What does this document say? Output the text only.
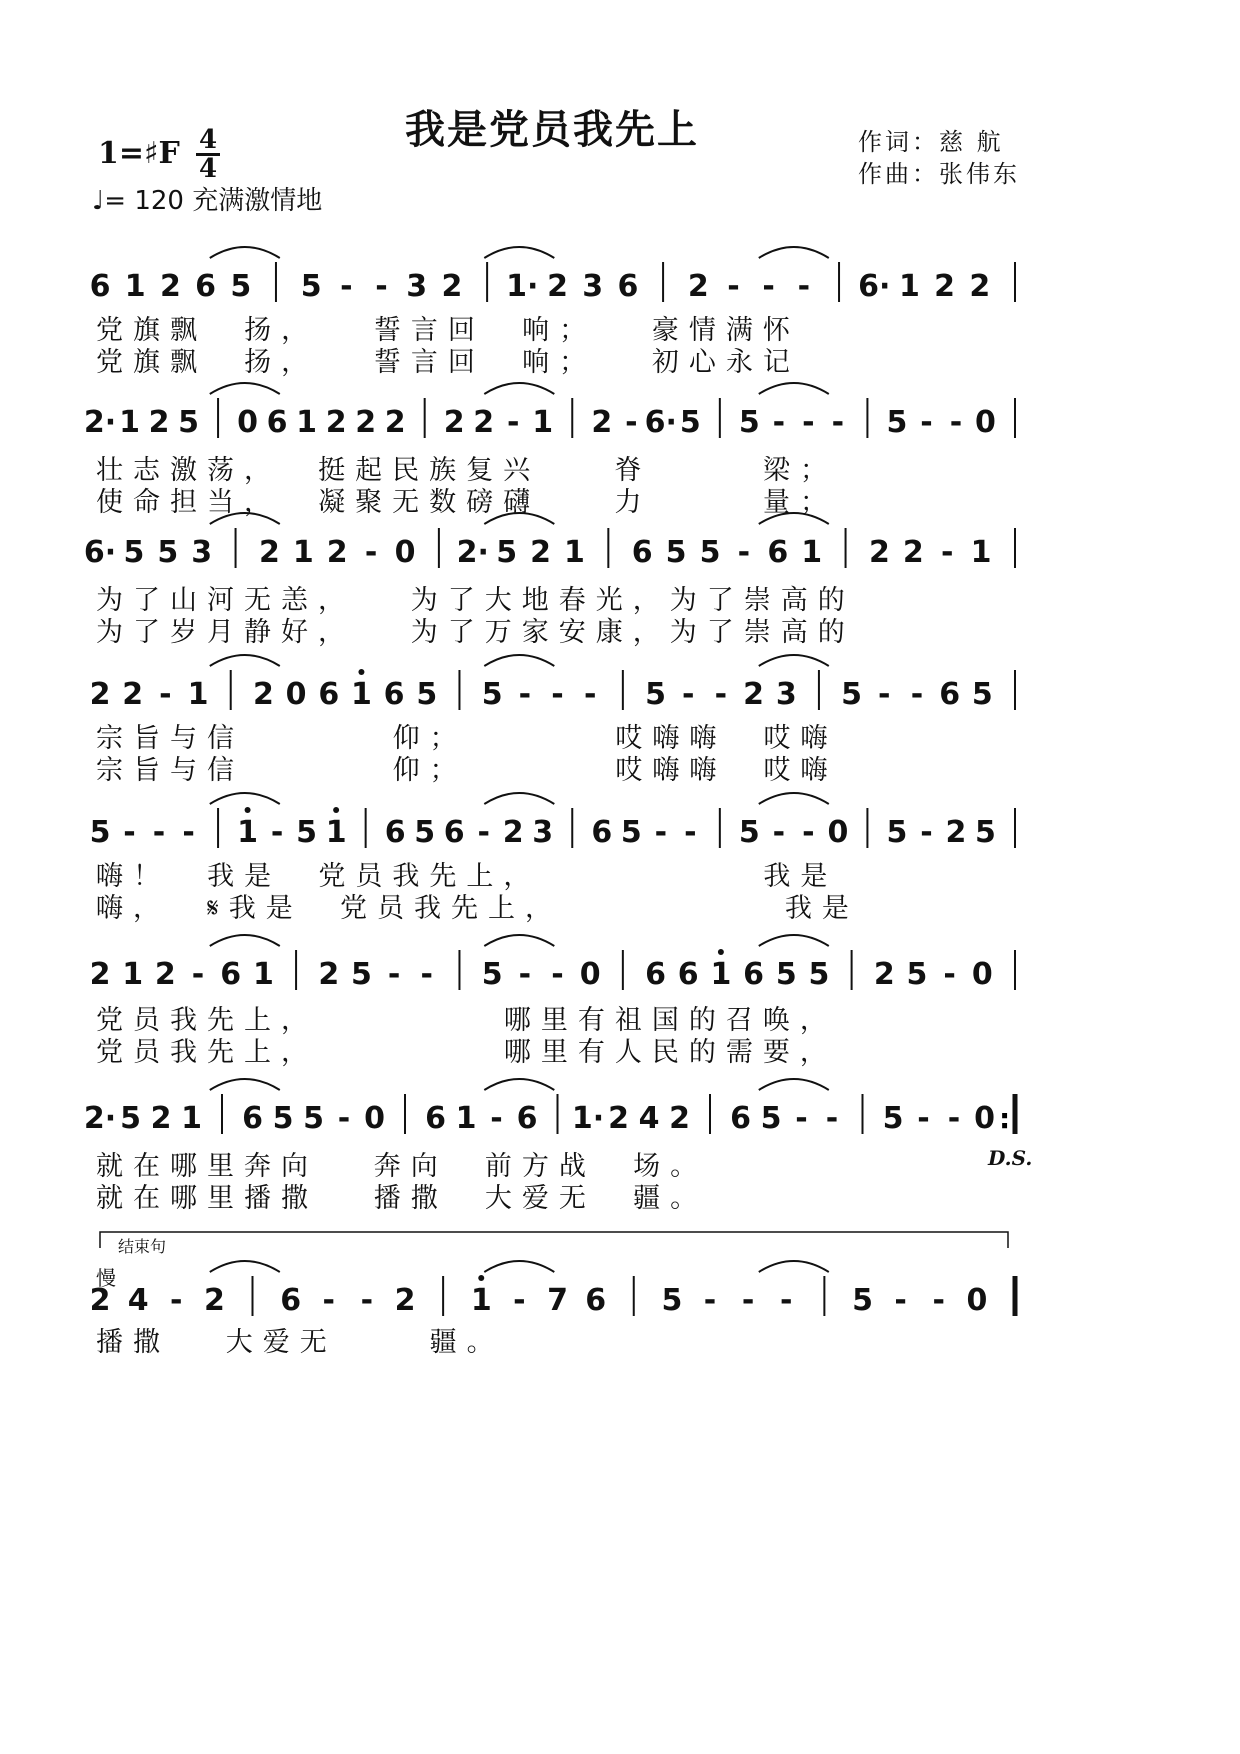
我是党员我先上	作词：慈 航
作曲：张伟东
1=♯F 4
4
♩= 120 充满激情地
6 1 2 6 5 5 - - 3 2 1· 2 3 6 2 - - - 6· 1 2 2
2· 1 2 5 0 6 1 2 2 2 2 2 - 1 2 - 6· 5 5 - - - 5 - - 0
6· 5 5 3 2 1 2 - 0 2· 5 2 1 6 5 5 - 6 1 2 2 - 1
2 2 - 1 2 0 6 1 6 5 5 - - - 5 - - 2 3 5 - - 6 5
5 - - - 1 - 5 1 6 5 6 - 2 3 6 5 - - 5 - - 0 5 - 2 5
2 1 2 - 6 1 2 5 - - 5 - - 0 6 6 1 6 5 5 2 5 - 0
2· 5 2 1 6 5 5 - 0 6 1 - 6 1· 2 4 2 6 5 - - 5 - - 0 :
2 4 - 2 6 - - 2 1 - 7 6 5 - - - 5 - - 0
党旗飘  扬，   誓言回  响；   豪情满怀
党旗飘  扬，   誓言回  响；   初心永记
壮志激荡，  挺起民族复兴    脊      梁；
使命担当，  凝聚无数磅礴    力      量；
为了山河无恙，   为了大地春光，为了崇高的
为了岁月静好，   为了万家安康，为了崇高的
宗旨与信        仰；        哎嗨嗨  哎嗨
宗旨与信        仰；        哎嗨嗨  哎嗨
嗨！  我是  党员我先上，            我是
嗨，  𝄋我是  党员我先上，            我是
党员我先上，          哪里有祖国的召唤，
党员我先上，          哪里有人民的需要，
就在哪里奔向   奔向  前方战  场。
就在哪里播撒   播撒  大爱无  疆。
D.S.
结束句
慢
播撒   大爱无     疆。
